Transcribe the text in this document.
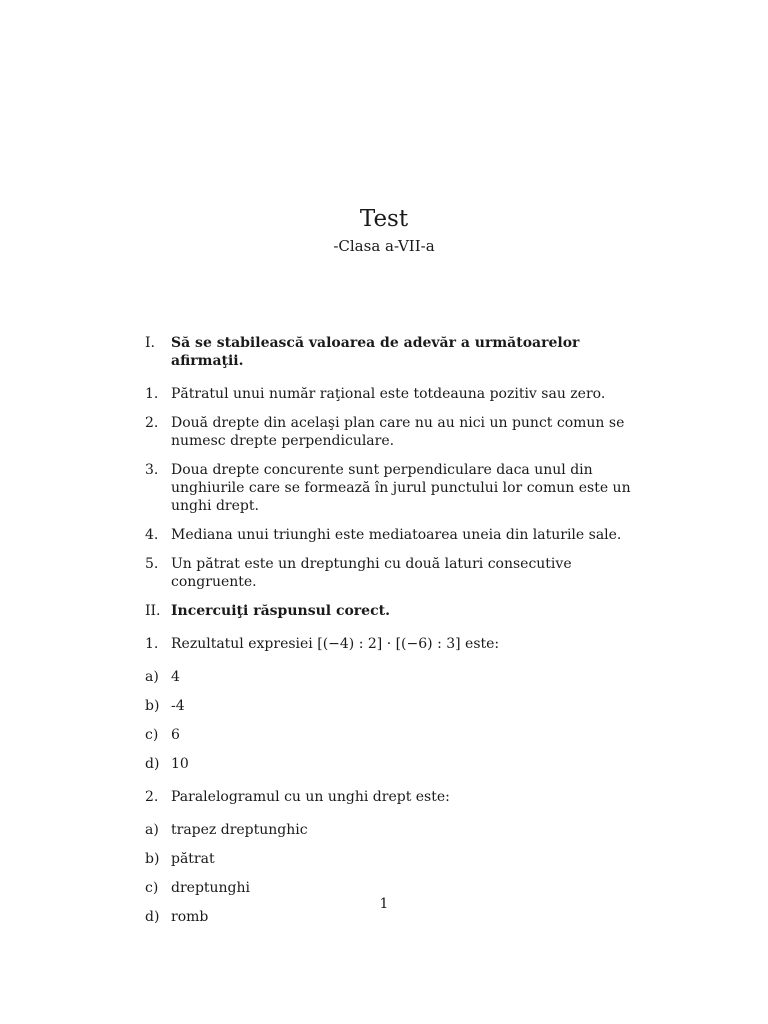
Test
-Clasa a-VII-a
I.	Să se stabilească valoarea de adevăr a următoarelor afirmaţii.
1. Pătratul unui număr raţional este totdeauna pozitiv sau zero.
2. Două drepte din acelaşi plan care nu au nici un punct comun se numesc drepte perpendiculare.
3. Doua drepte concurente sunt perpendiculare daca unul din unghiurile care se formează în jurul punctului lor comun este un unghi drept.
4. Mediana unui triunghi este mediatoarea uneia din laturile sale.
5. Un pătrat este un dreptunghi cu două laturi consecutive congruente.
II. Incercuiţi răspunsul corect.
1. Rezultatul expresiei [(−4) : 2] · [(−6) : 3] este:
a) 4
b) -4
c) 6
d) 10
2. Paralelogramul cu un unghi drept este:
a) trapez dreptunghic
b) pătrat
c) dreptunghi
d) romb
1
